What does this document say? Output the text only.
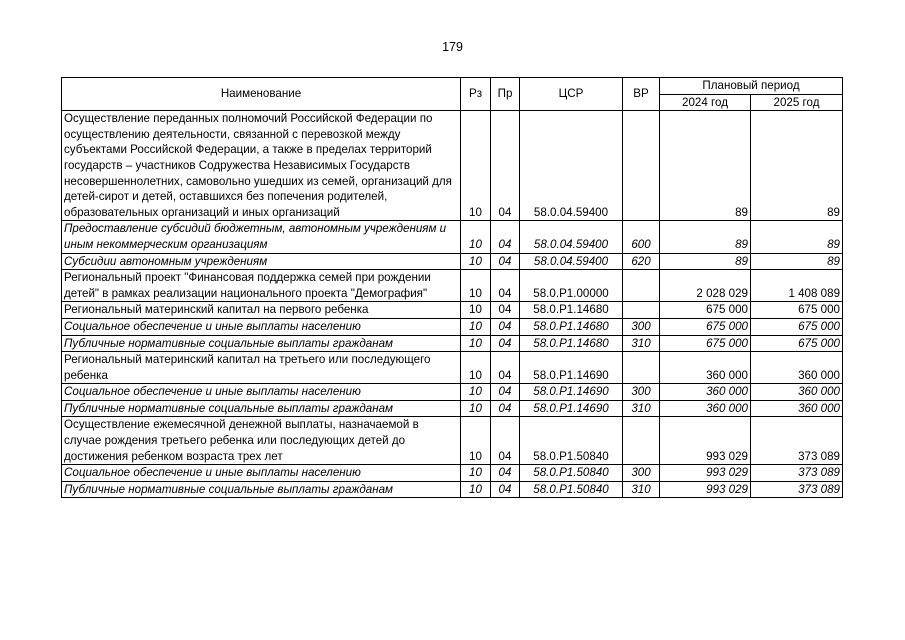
179
Наименование	Рз	Пр	ЦСР	ВР	Плановый период	
					2024 год	2025 год
Осуществление переданных полномочий Российской Федерации по осуществлению деятельности, связанной с перевозкой между субъектами Российской Федерации, а также в пределах территорий государств – участников Содружества Независимых Государств несовершеннолетних, самовольно ушедших из семей, организаций для детей-сирот и детей, оставшихся без попечения родителей, образовательных организаций и иных организаций	10	04	58.0.04.59400		89	89
Предоставление субсидий бюджетным, автономным учреждениям и иным некоммерческим организациям	10	04	58.0.04.59400	600	89	89
Субсидии автономным учреждениям	10	04	58.0.04.59400	620	89	89
Региональный проект "Финансовая поддержка семей при рождении детей" в рамках реализации национального проекта "Демография"	10	04	58.0.Р1.00000		2 028 029	1 408 089
Региональный материнский капитал на первого ребенка	10	04	58.0.Р1.14680		675 000	675 000
Социальное обеспечение и иные выплаты населению	10	04	58.0.Р1.14680	300	675 000	675 000
Публичные нормативные социальные выплаты гражданам	10	04	58.0.Р1.14680	310	675 000	675 000
Региональный материнский капитал на третьего или последующего ребенка	10	04	58.0.Р1.14690		360 000	360 000
Социальное обеспечение и иные выплаты населению	10	04	58.0.Р1.14690	300	360 000	360 000
Публичные нормативные социальные выплаты гражданам	10	04	58.0.Р1.14690	310	360 000	360 000
Осуществление ежемесячной денежной выплаты, назначаемой в случае рождения третьего ребенка или последующих детей до достижения ребенком возраста трех лет	10	04	58.0.Р1.50840		993 029	373 089
Социальное обеспечение и иные выплаты населению	10	04	58.0.Р1.50840	300	993 029	373 089
Публичные нормативные социальные выплаты гражданам	10	04	58.0.Р1.50840	310	993 029	373 089
